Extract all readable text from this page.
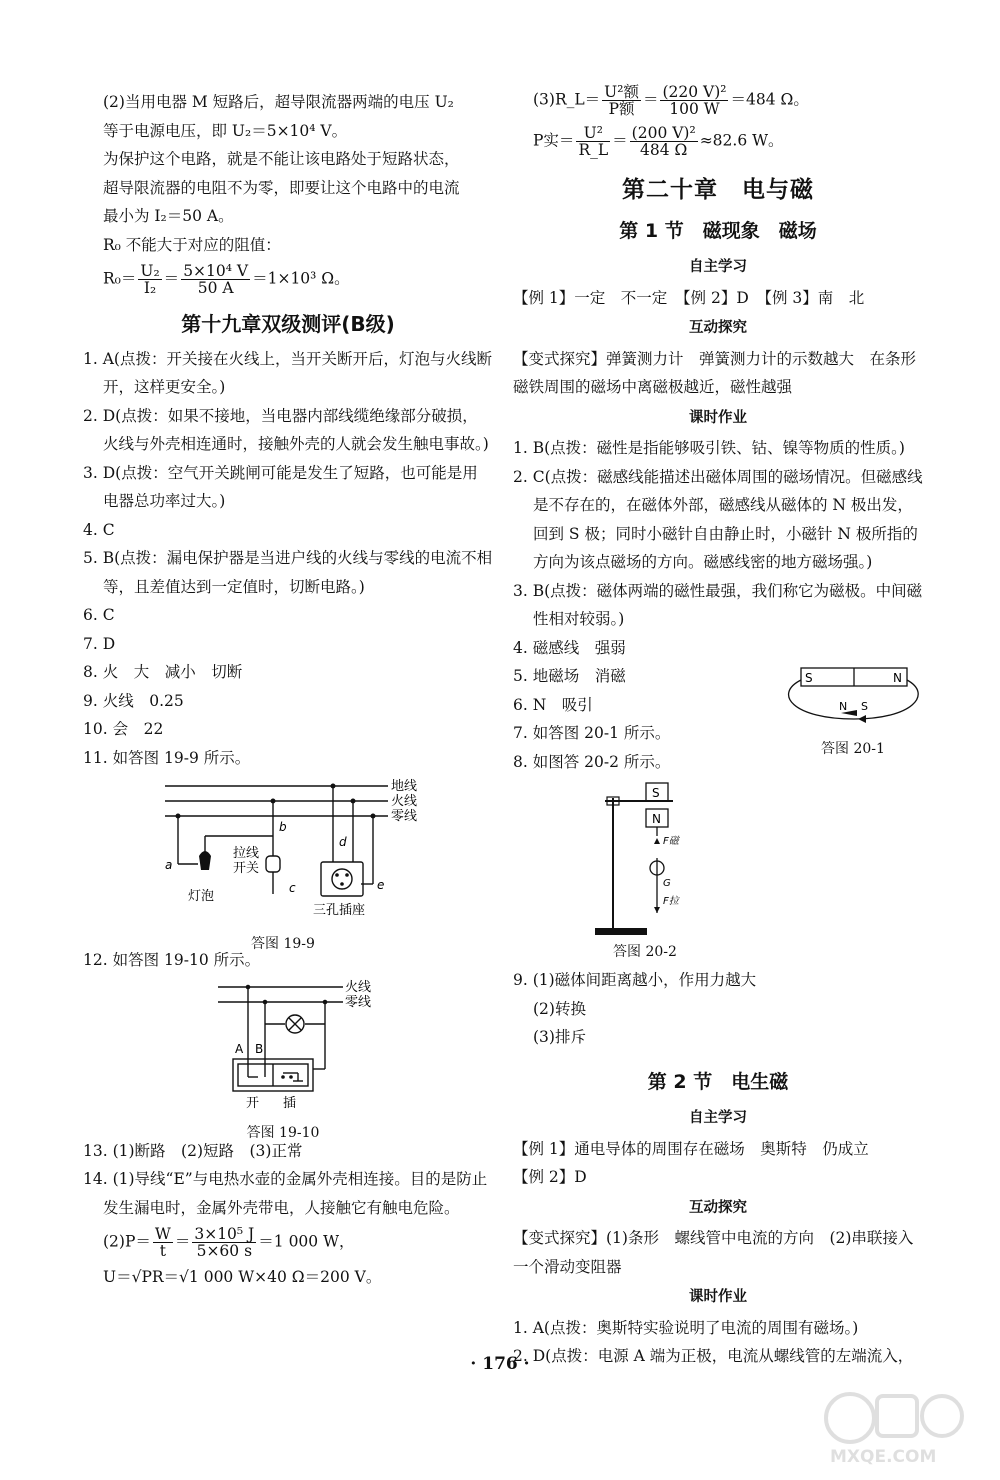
(2)当用电器 M 短路后，超导限流器两端的电压 U₂

等于电源电压，即 U₂＝5×10⁴ V。

为保护这个电路，就是不能让该电路处于短路状态，

超导限流器的电阻不为零，即要让这个电路中的电流

最小为 I₂＝50 A。

R₀ 不能大于对应的阻值：

$R_0= \frac{\text{U₂}}{\text{I₂}} = \frac{\text{5×10⁴ V}}{50 A} =1\times 10^3$ Ω。

第十九章双级测评(B级)

1. A(点拨：开关接在火线上，当开关断开后，灯泡与火线断开，这样更安全。)

2. D(点拨：如果不接地，当电器内部线缆绝缘部分破损，火线与外壳相连通时，接触外壳的人就会发生触电事故。)

3. D(点拨：空气开关跳闸可能是发生了短路，也可能是用电器总功率过大。)

4. C

5. B(点拨：漏电保护器是当进户线的火线与零线的电流不相等，且差值达到一定值时，切断电路。)

6. C

7. D

8. 火　大　减小　切断

9. 火线　0.25

10. 会　22

11. 如答图 19-9 所示。

地线
火线
零线
拉线
开关
灯泡
三孔插座
a
b
c
d
e
答图 19-9

12. 如答图 19-10 所示。

火线
零线
A B
开 插
答图 19-10

13. (1)断路　(2)短路　(3)正常

14. (1)导线“E”与电热水壶的金属外壳相连接。目的是防止发生漏电时，金属外壳带电，人接触它有触电危险。

$(2)P= \frac{W}{t} = \frac{\text{3×10⁵ J}}{5\times 60 s} =1$ 000 W，

U＝√PR＝√1 000 W×40 Ω＝200 V。

(3)R_L＝ $\frac{\text{U²额}}{\text{P额}} = \frac{\text{(220 V)²}}{100 W} =484$ Ω。

P实＝ $\frac{\text{U²}}{R\_L} = \frac{\text{(200 V)²}}{484 \Omega} \approx 82.6$ W。

第二十章　电与磁
第 1 节　磁现象　磁场
自主学习

【例 1】一定　不一定　【例 2】D　【例 3】南　北

互动探究

【变式探究】弹簧测力计　弹簧测力计的示数越大　在条形磁铁周围的磁场中离磁极越近，磁性越强

课时作业

1. B(点拨：磁性是指能够吸引铁、钴、镍等物质的性质。)

2. C(点拨：磁感线能描述出磁体周围的磁场情况。但磁感线是不存在的，在磁体外部，磁感线从磁体的 N 极出发，回到 S 极；同时小磁针自由静止时，小磁针 N 极所指的方向为该点磁场的方向。磁感线密的地方磁场强。)

3. B(点拨：磁体两端的磁性最强，我们称它为磁极。中间磁性相对较弱。)

4. 磁感线　强弱

5. 地磁场　消磁

6. N　吸引

7. 如答图 20-1 所示。

8. 如图答 20-2 所示。

S	N
N S
答图 20-1
S
N
F磁
G
F拉
答图 20-2

9. (1)磁体间距离越小，作用力越大

(2)转换

(3)排斥

第 2 节　电生磁
自主学习

【例 1】通电导体的周围存在磁场　奥斯特　仍成立

【例 2】D

互动探究

【变式探究】(1)条形　螺线管中电流的方向　(2)串联接入一个滑动变阻器

课时作业

1. A(点拨：奥斯特实验说明了电流的周围有磁场。)

2. D(点拨：电源 A 端为正极，电流从螺线管的左端流入，

· 176 ·
MXQE.COM
